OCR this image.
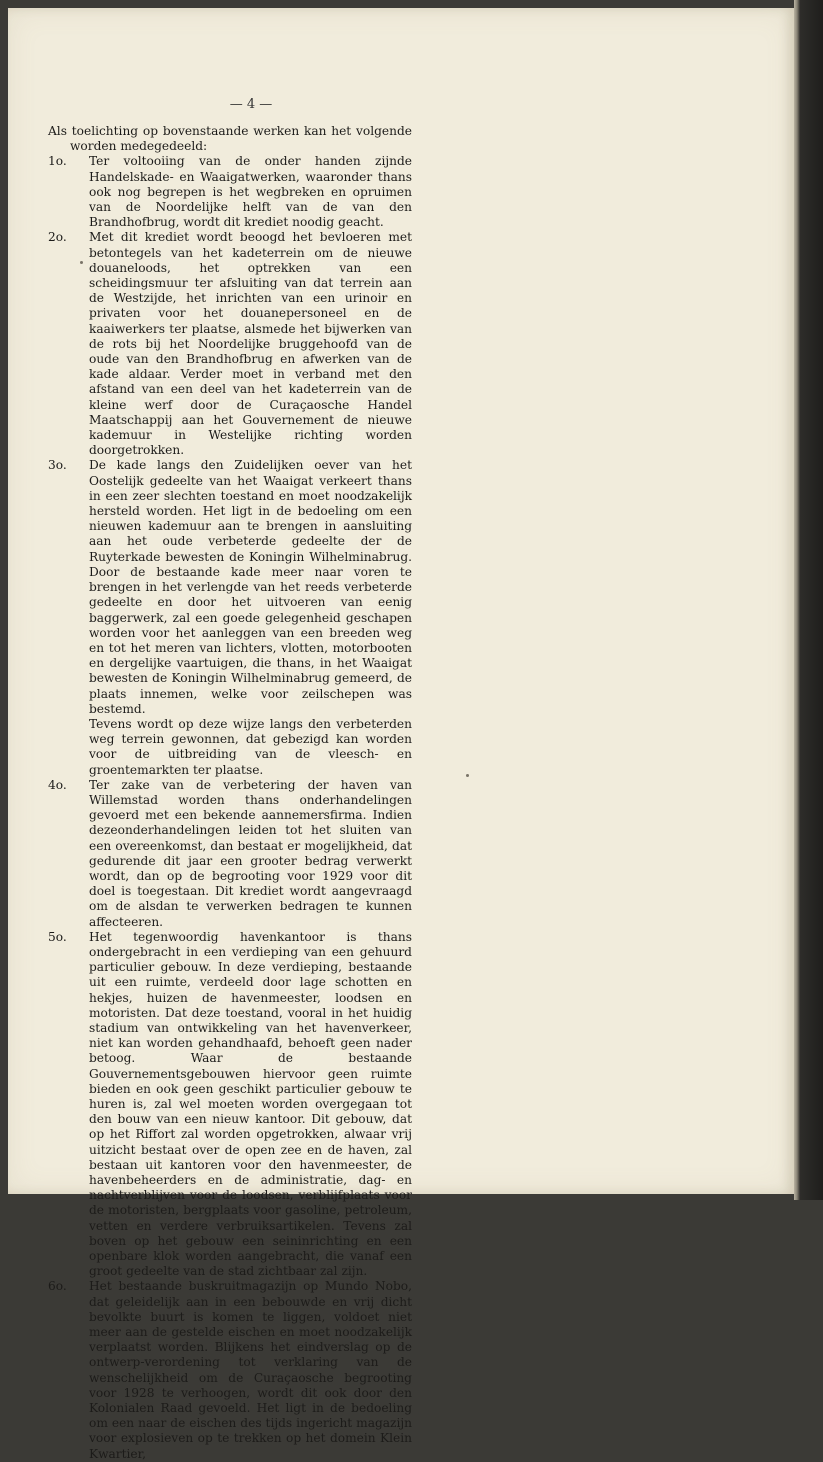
— 4 —
Als toelichting op bovenstaande werken kan het volgende worden medegedeeld:
1o. Ter voltooiing van de onder handen zijnde Handelskade- en Waaigatwerken, waaronder thans ook nog begrepen is het wegbreken en opruimen van de Noordelijke helft van de van den Brandhofbrug, wordt dit krediet noodig geacht.
2o. Met dit krediet wordt beoogd het bevloeren met betontegels van het kadeterrein om de nieuwe douaneloods, het optrekken van een scheidingsmuur ter afsluiting van dat terrein aan de Westzijde, het inrichten van een urinoir en privaten voor het douanepersoneel en de kaaiwerkers ter plaatse, alsmede het bijwerken van de rots bij het Noordelijke bruggehoofd van de oude van den Brandhofbrug en afwerken van de kade aldaar. Verder moet in verband met den afstand van een deel van het kadeterrein van de kleine werf door de Curaçaosche Handel Maatschappij aan het Gouvernement de nieuwe kademuur in Westelijke richting worden doorgetrokken.
3o. De kade langs den Zuidelijken oever van het Oostelijk gedeelte van het Waaigat verkeert thans in een zeer slechten toestand en moet noodzakelijk hersteld worden. Het ligt in de bedoeling om een nieuwen kademuur aan te brengen in aansluiting aan het oude verbeterde gedeelte der de Ruyterkade bewesten de Koningin Wilhelminabrug. Door de bestaande kade meer naar voren te brengen in het verlengde van het reeds verbeterde gedeelte en door het uitvoeren van eenig baggerwerk, zal een goede gelegenheid geschapen worden voor het aanleggen van een breeden weg en tot het meren van lichters, vlotten, motorbooten en dergelijke vaartuigen, die thans, in het Waaigat bewesten de Koningin Wilhelminabrug gemeerd, de plaats innemen, welke voor zeilschepen was bestemd.
Tevens wordt op deze wijze langs den verbeterden weg terrein gewonnen, dat gebezigd kan worden voor de uitbreiding van de vleesch- en groentemarkten ter plaatse.
4o. Ter zake van de verbetering der haven van Willemstad worden thans onderhandelingen gevoerd met een bekende aannemersfirma. Indien dezeonderhandelingen leiden tot het sluiten van een overeenkomst, dan bestaat er mogelijkheid, dat gedurende dit jaar een grooter bedrag verwerkt wordt, dan op de begrooting voor 1929 voor dit doel is toegestaan. Dit krediet wordt aangevraagd om de alsdan te verwerken bedragen te kunnen affecteeren.
5o. Het tegenwoordig havenkantoor is thans ondergebracht in een verdieping van een gehuurd particulier gebouw. In deze verdieping, bestaande uit een ruimte, verdeeld door lage schotten en hekjes, huizen de havenmeester, loodsen en motoristen. Dat deze toestand, vooral in het huidig stadium van ontwikkeling van het havenverkeer, niet kan worden gehandhaafd, behoeft geen nader betoog. Waar de bestaande Gouvernementsgebouwen hiervoor geen ruimte bieden en ook geen geschikt particulier gebouw te huren is, zal wel moeten worden overgegaan tot den bouw van een nieuw kantoor. Dit gebouw, dat op het Riffort zal worden opgetrokken, alwaar vrij uitzicht bestaat over de open zee en de haven, zal bestaan uit kantoren voor den havenmeester, de havenbeheerders en de administratie, dag- en nachtverblijven voor de loodsen, verblijfplaats voor de motoristen, bergplaats voor gasoline, petroleum, vetten en verdere verbruiksartikelen. Tevens zal boven op het gebouw een seininrichting en een openbare klok worden aangebracht, die vanaf een groot gedeelte van de stad zichtbaar zal zijn.
6o. Het bestaande buskruitmagazijn op Mundo Nobo, dat geleidelijk aan in een bebouwde en vrij dicht bevolkte buurt is komen te liggen, voldoet niet meer aan de gestelde eischen en moet noodzakelijk verplaatst worden. Blijkens het eindverslag op de ontwerp-verordening tot verklaring van de wenschelijkheid om de Curaçaosche begrooting voor 1928 te verhoogen, wordt dit ook door den Kolonialen Raad gevoeld. Het ligt in de bedoeling om een naar de eischen des tijds ingericht magazijn voor explosieven op te trekken op het domein Klein Kwartier,
